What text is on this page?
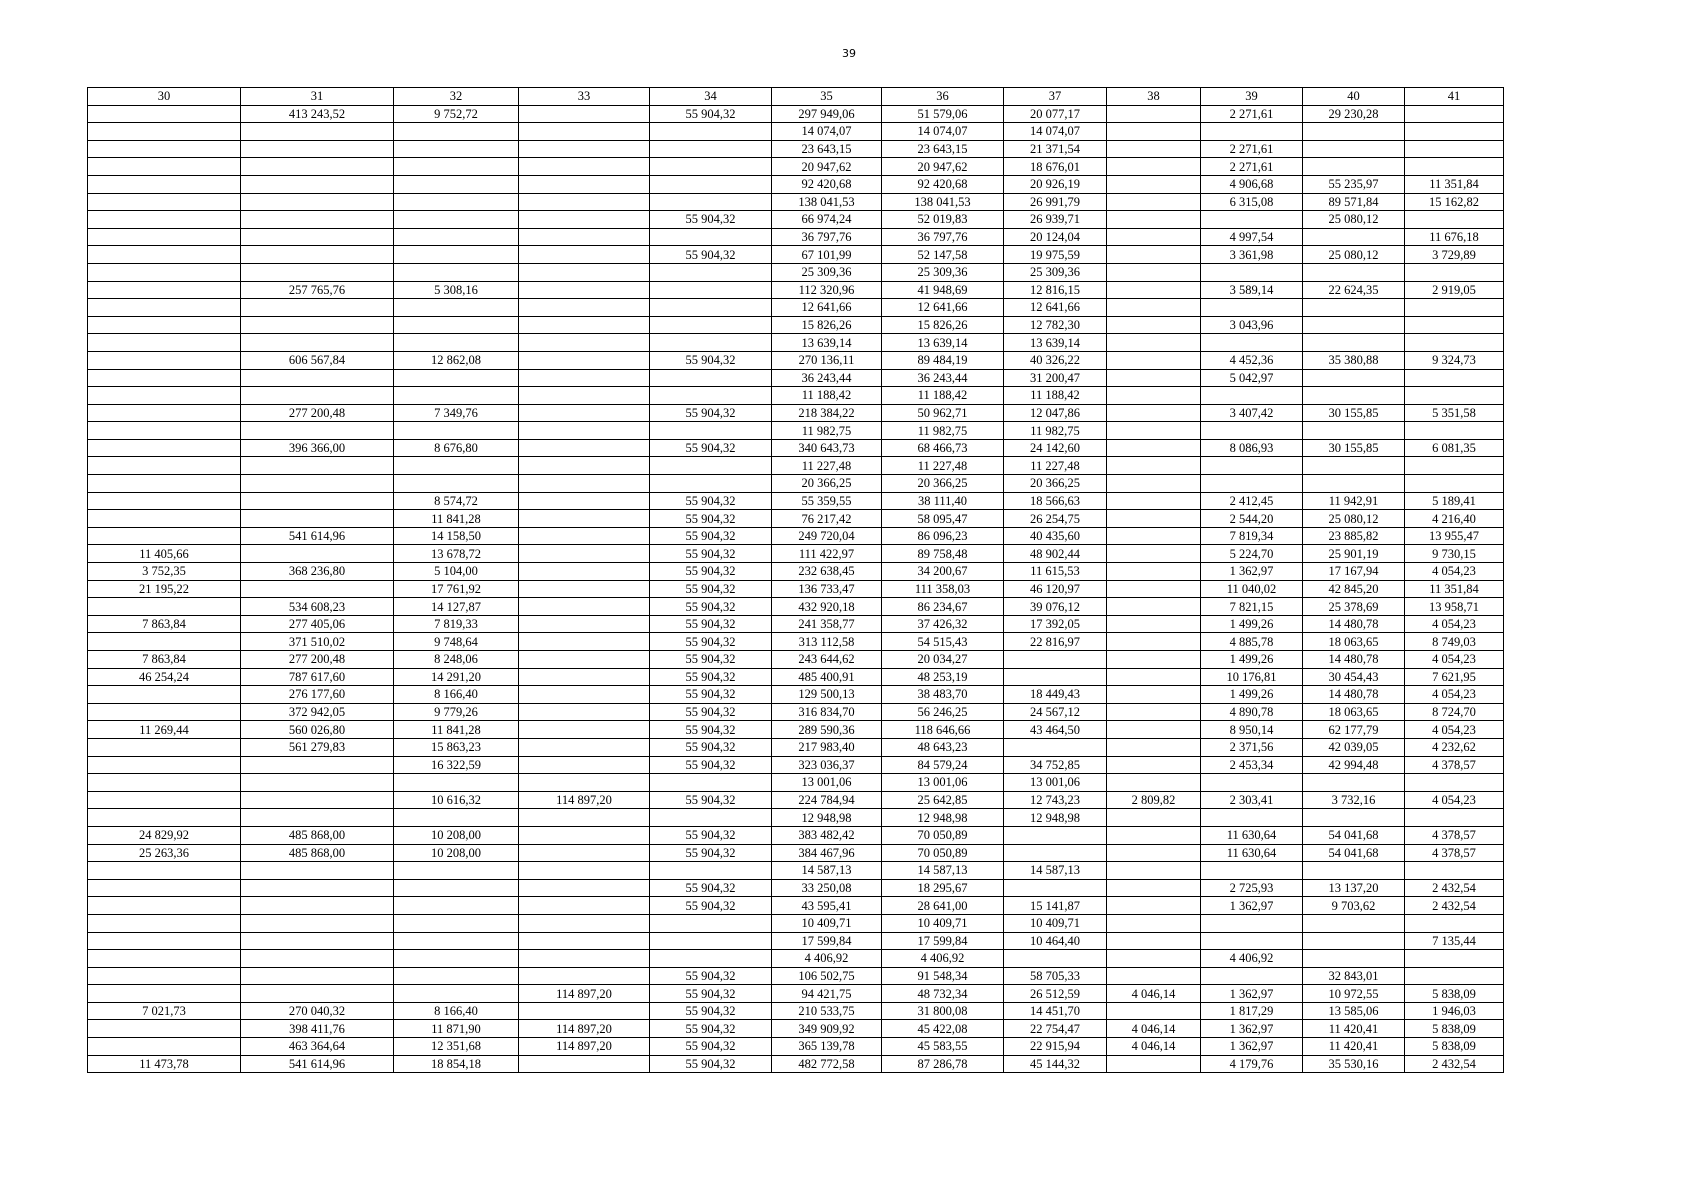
39
30	31	32	33	34	35	36	37	38	39	40	41
	413 243,52	9 752,72		55 904,32	297 949,06	51 579,06	20 077,17		2 271,61	29 230,28	
					14 074,07	14 074,07	14 074,07				
					23 643,15	23 643,15	21 371,54		2 271,61		
					20 947,62	20 947,62	18 676,01		2 271,61		
					92 420,68	92 420,68	20 926,19		4 906,68	55 235,97	11 351,84
					138 041,53	138 041,53	26 991,79		6 315,08	89 571,84	15 162,82
				55 904,32	66 974,24	52 019,83	26 939,71			25 080,12	
					36 797,76	36 797,76	20 124,04		4 997,54		11 676,18
				55 904,32	67 101,99	52 147,58	19 975,59		3 361,98	25 080,12	3 729,89
					25 309,36	25 309,36	25 309,36				
	257 765,76	5 308,16			112 320,96	41 948,69	12 816,15		3 589,14	22 624,35	2 919,05
					12 641,66	12 641,66	12 641,66				
					15 826,26	15 826,26	12 782,30		3 043,96		
					13 639,14	13 639,14	13 639,14				
	606 567,84	12 862,08		55 904,32	270 136,11	89 484,19	40 326,22		4 452,36	35 380,88	9 324,73
					36 243,44	36 243,44	31 200,47		5 042,97		
					11 188,42	11 188,42	11 188,42				
	277 200,48	7 349,76		55 904,32	218 384,22	50 962,71	12 047,86		3 407,42	30 155,85	5 351,58
					11 982,75	11 982,75	11 982,75				
	396 366,00	8 676,80		55 904,32	340 643,73	68 466,73	24 142,60		8 086,93	30 155,85	6 081,35
					11 227,48	11 227,48	11 227,48				
					20 366,25	20 366,25	20 366,25				
		8 574,72		55 904,32	55 359,55	38 111,40	18 566,63		2 412,45	11 942,91	5 189,41
		11 841,28		55 904,32	76 217,42	58 095,47	26 254,75		2 544,20	25 080,12	4 216,40
	541 614,96	14 158,50		55 904,32	249 720,04	86 096,23	40 435,60		7 819,34	23 885,82	13 955,47
11 405,66		13 678,72		55 904,32	111 422,97	89 758,48	48 902,44		5 224,70	25 901,19	9 730,15
3 752,35	368 236,80	5 104,00		55 904,32	232 638,45	34 200,67	11 615,53		1 362,97	17 167,94	4 054,23
21 195,22		17 761,92		55 904,32	136 733,47	111 358,03	46 120,97		11 040,02	42 845,20	11 351,84
	534 608,23	14 127,87		55 904,32	432 920,18	86 234,67	39 076,12		7 821,15	25 378,69	13 958,71
7 863,84	277 405,06	7 819,33		55 904,32	241 358,77	37 426,32	17 392,05		1 499,26	14 480,78	4 054,23
	371 510,02	9 748,64		55 904,32	313 112,58	54 515,43	22 816,97		4 885,78	18 063,65	8 749,03
7 863,84	277 200,48	8 248,06		55 904,32	243 644,62	20 034,27			1 499,26	14 480,78	4 054,23
46 254,24	787 617,60	14 291,20		55 904,32	485 400,91	48 253,19			10 176,81	30 454,43	7 621,95
	276 177,60	8 166,40		55 904,32	129 500,13	38 483,70	18 449,43		1 499,26	14 480,78	4 054,23
	372 942,05	9 779,26		55 904,32	316 834,70	56 246,25	24 567,12		4 890,78	18 063,65	8 724,70
11 269,44	560 026,80	11 841,28		55 904,32	289 590,36	118 646,66	43 464,50		8 950,14	62 177,79	4 054,23
	561 279,83	15 863,23		55 904,32	217 983,40	48 643,23			2 371,56	42 039,05	4 232,62
		16 322,59		55 904,32	323 036,37	84 579,24	34 752,85		2 453,34	42 994,48	4 378,57
					13 001,06	13 001,06	13 001,06				
		10 616,32	114 897,20	55 904,32	224 784,94	25 642,85	12 743,23	2 809,82	2 303,41	3 732,16	4 054,23
					12 948,98	12 948,98	12 948,98				
24 829,92	485 868,00	10 208,00		55 904,32	383 482,42	70 050,89			11 630,64	54 041,68	4 378,57
25 263,36	485 868,00	10 208,00		55 904,32	384 467,96	70 050,89			11 630,64	54 041,68	4 378,57
					14 587,13	14 587,13	14 587,13				
				55 904,32	33 250,08	18 295,67			2 725,93	13 137,20	2 432,54
				55 904,32	43 595,41	28 641,00	15 141,87		1 362,97	9 703,62	2 432,54
					10 409,71	10 409,71	10 409,71				
					17 599,84	17 599,84	10 464,40				7 135,44
					4 406,92	4 406,92			4 406,92		
				55 904,32	106 502,75	91 548,34	58 705,33			32 843,01	
			114 897,20	55 904,32	94 421,75	48 732,34	26 512,59	4 046,14	1 362,97	10 972,55	5 838,09
7 021,73	270 040,32	8 166,40		55 904,32	210 533,75	31 800,08	14 451,70		1 817,29	13 585,06	1 946,03
	398 411,76	11 871,90	114 897,20	55 904,32	349 909,92	45 422,08	22 754,47	4 046,14	1 362,97	11 420,41	5 838,09
	463 364,64	12 351,68	114 897,20	55 904,32	365 139,78	45 583,55	22 915,94	4 046,14	1 362,97	11 420,41	5 838,09
11 473,78	541 614,96	18 854,18		55 904,32	482 772,58	87 286,78	45 144,32		4 179,76	35 530,16	2 432,54
